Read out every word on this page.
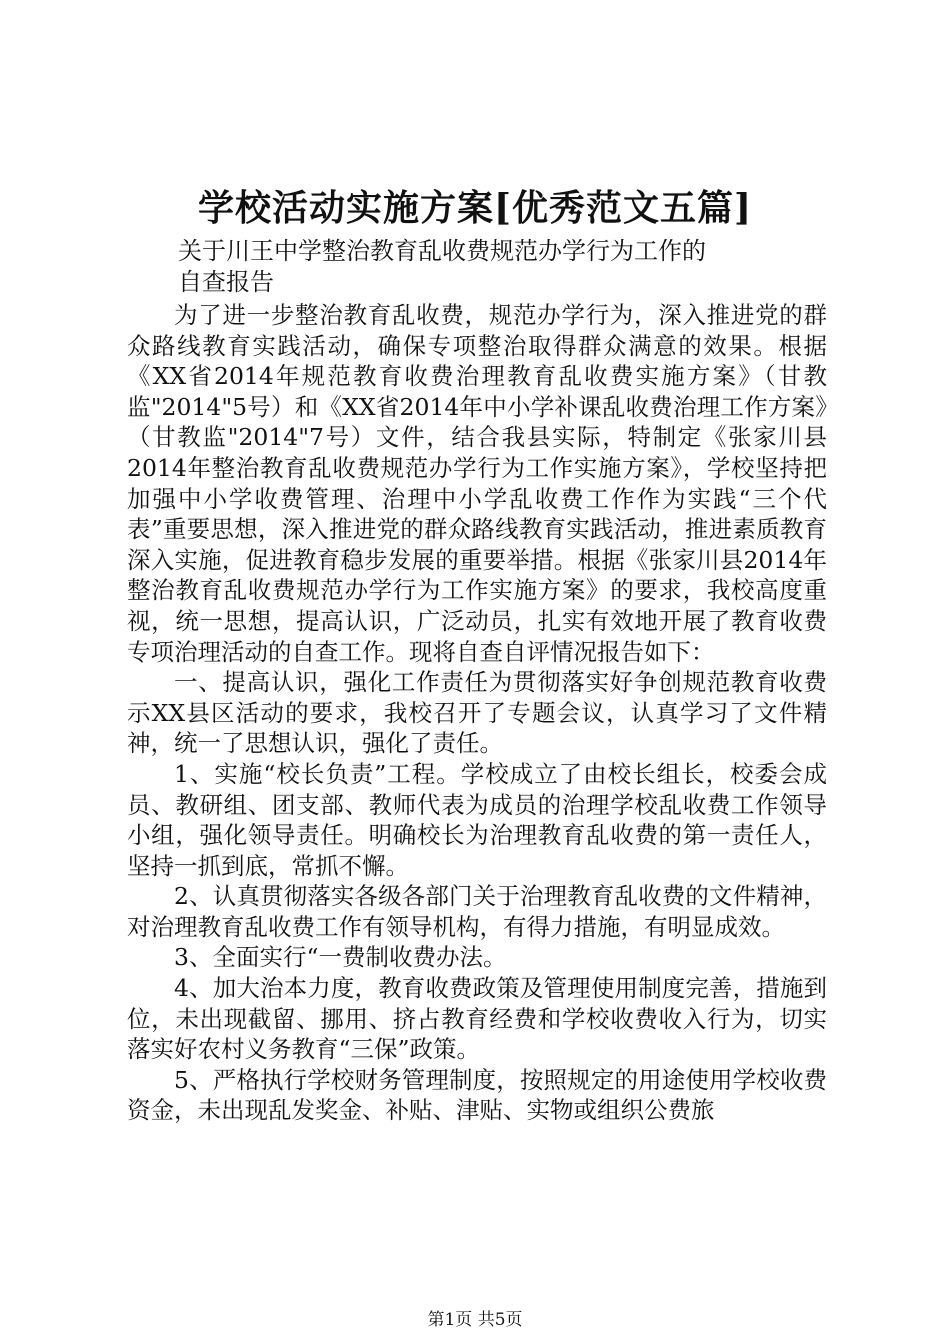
学校活动实施方案[优秀范文五篇]
关于川王中学整治教育乱收费规范办学行为工作的
自查报告

为了进一步整治教育乱收费，规范办学行为，深入推进党的群众路线教育实践活动，确保专项整治取得群众满意的效果。根据《XX省2014年规范教育收费治理教育乱收费实施方案》（甘教监"2014"5号）和《XX省2014年中小学补课乱收费治理工作方案》（甘教监"2014"7号）文件，结合我县实际，特制定《张家川县2014年整治教育乱收费规范办学行为工作实施方案》，学校坚持把加强中小学收费管理、治理中小学乱收费工作作为实践“三个代表”重要思想，深入推进党的群众路线教育实践活动，推进素质教育深入实施，促进教育稳步发展的重要举措。根据《张家川县2014年整治教育乱收费规范办学行为工作实施方案》的要求，我校高度重视，统一思想，提高认识，广泛动员，扎实有效地开展了教育收费专项治理活动的自查工作。现将自查自评情况报告如下：

一、提高认识，强化工作责任为贯彻落实好争创规范教育收费示XX县区活动的要求，我校召开了专题会议，认真学习了文件精神，统一了思想认识，强化了责任。

1、实施“校长负责”工程。学校成立了由校长组长，校委会成员、教研组、团支部、教师代表为成员的治理学校乱收费工作领导小组，强化领导责任。明确校长为治理教育乱收费的第一责任人，坚持一抓到底，常抓不懈。

2、认真贯彻落实各级各部门关于治理教育乱收费的文件精神，对治理教育乱收费工作有领导机构，有得力措施，有明显成效。

3、全面实行“一费制收费办法。

4、加大治本力度，教育收费政策及管理使用制度完善，措施到位，未出现截留、挪用、挤占教育经费和学校收费收入行为，切实落实好农村义务教育“三保”政策。

5、严格执行学校财务管理制度，按照规定的用途使用学校收费资金，未出现乱发奖金、补贴、津贴、实物或组织公费旅

第1页 共5页
